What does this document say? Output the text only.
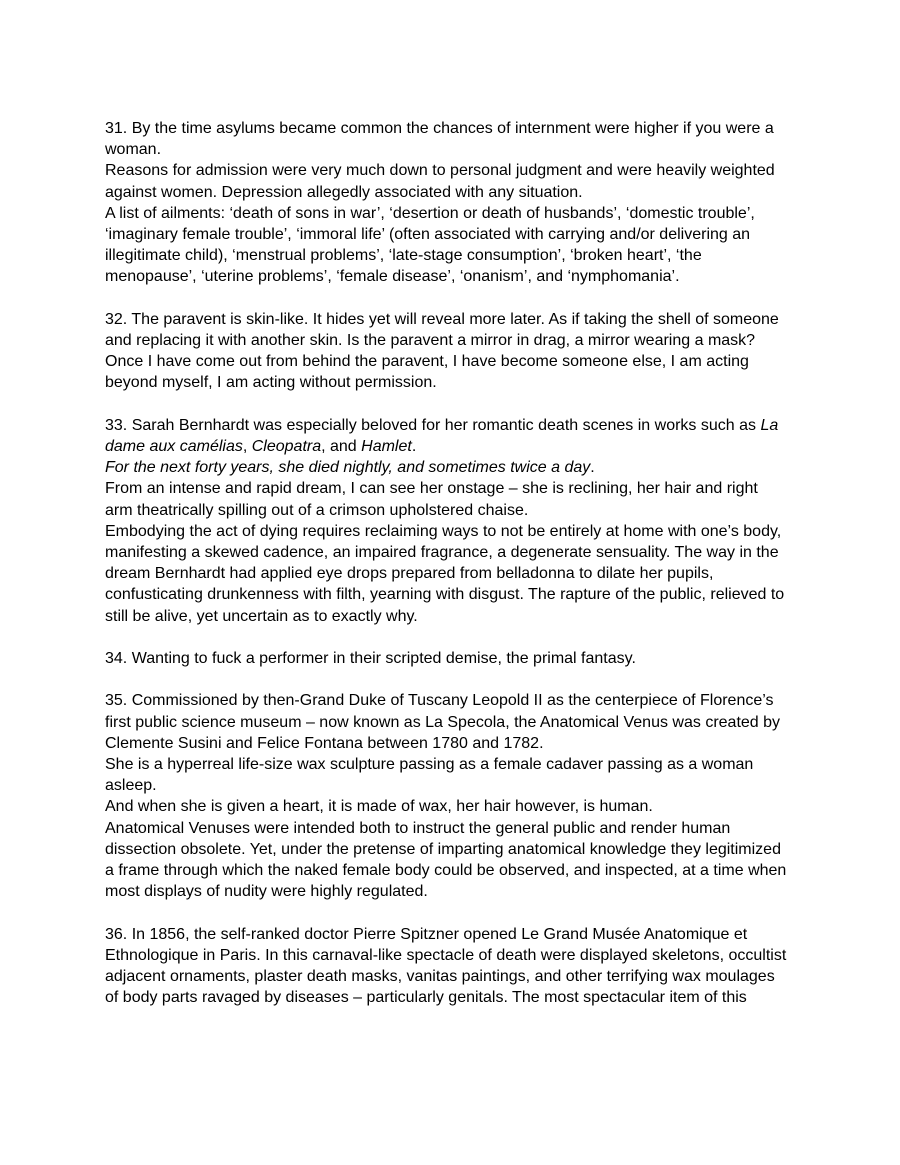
31. By the time asylums became common the chances of internment were higher if you were a
woman.
Reasons for admission were very much down to personal judgment and were heavily weighted
against women. Depression allegedly associated with any situation.
A list of ailments: ‘death of sons in war’, ‘desertion or death of husbands’, ‘domestic trouble’,
‘imaginary female trouble’, ‘immoral life’ (often associated with carrying and/or delivering an
illegitimate child), ‘menstrual problems’, ‘late-stage consumption’, ‘broken heart’, ‘the
menopause’, ‘uterine problems’, ‘female disease’, ‘onanism’, and ‘nymphomania’.
32. The paravent is skin-like. It hides yet will reveal more later. As if taking the shell of someone
and replacing it with another skin. Is the paravent a mirror in drag, a mirror wearing a mask?
Once I have come out from behind the paravent, I have become someone else, I am acting
beyond myself, I am acting without permission.
33. Sarah Bernhardt was especially beloved for her romantic death scenes in works such as La
dame aux camélias, Cleopatra, and Hamlet.
For the next forty years, she died nightly, and sometimes twice a day.
From an intense and rapid dream, I can see her onstage – she is reclining, her hair and right
arm theatrically spilling out of a crimson upholstered chaise.
Embodying the act of dying requires reclaiming ways to not be entirely at home with one’s body,
manifesting a skewed cadence, an impaired fragrance, a degenerate sensuality. The way in the
dream Bernhardt had applied eye drops prepared from belladonna to dilate her pupils,
confusticating drunkenness with filth, yearning with disgust. The rapture of the public, relieved to
still be alive, yet uncertain as to exactly why.
34. Wanting to fuck a performer in their scripted demise, the primal fantasy.
35. Commissioned by then-Grand Duke of Tuscany Leopold II as the centerpiece of Florence’s
first public science museum – now known as La Specola, the Anatomical Venus was created by
Clemente Susini and Felice Fontana between 1780 and 1782.
She is a hyperreal life-size wax sculpture passing as a female cadaver passing as a woman
asleep.
And when she is given a heart, it is made of wax, her hair however, is human.
Anatomical Venuses were intended both to instruct the general public and render human
dissection obsolete. Yet, under the pretense of imparting anatomical knowledge they legitimized
a frame through which the naked female body could be observed, and inspected, at a time when
most displays of nudity were highly regulated.
36. In 1856, the self-ranked doctor Pierre Spitzner opened Le Grand Musée Anatomique et
Ethnologique in Paris. In this carnaval-like spectacle of death were displayed skeletons, occultist
adjacent ornaments, plaster death masks, vanitas paintings, and other terrifying wax moulages
of body parts ravaged by diseases – particularly genitals. The most spectacular item of this
